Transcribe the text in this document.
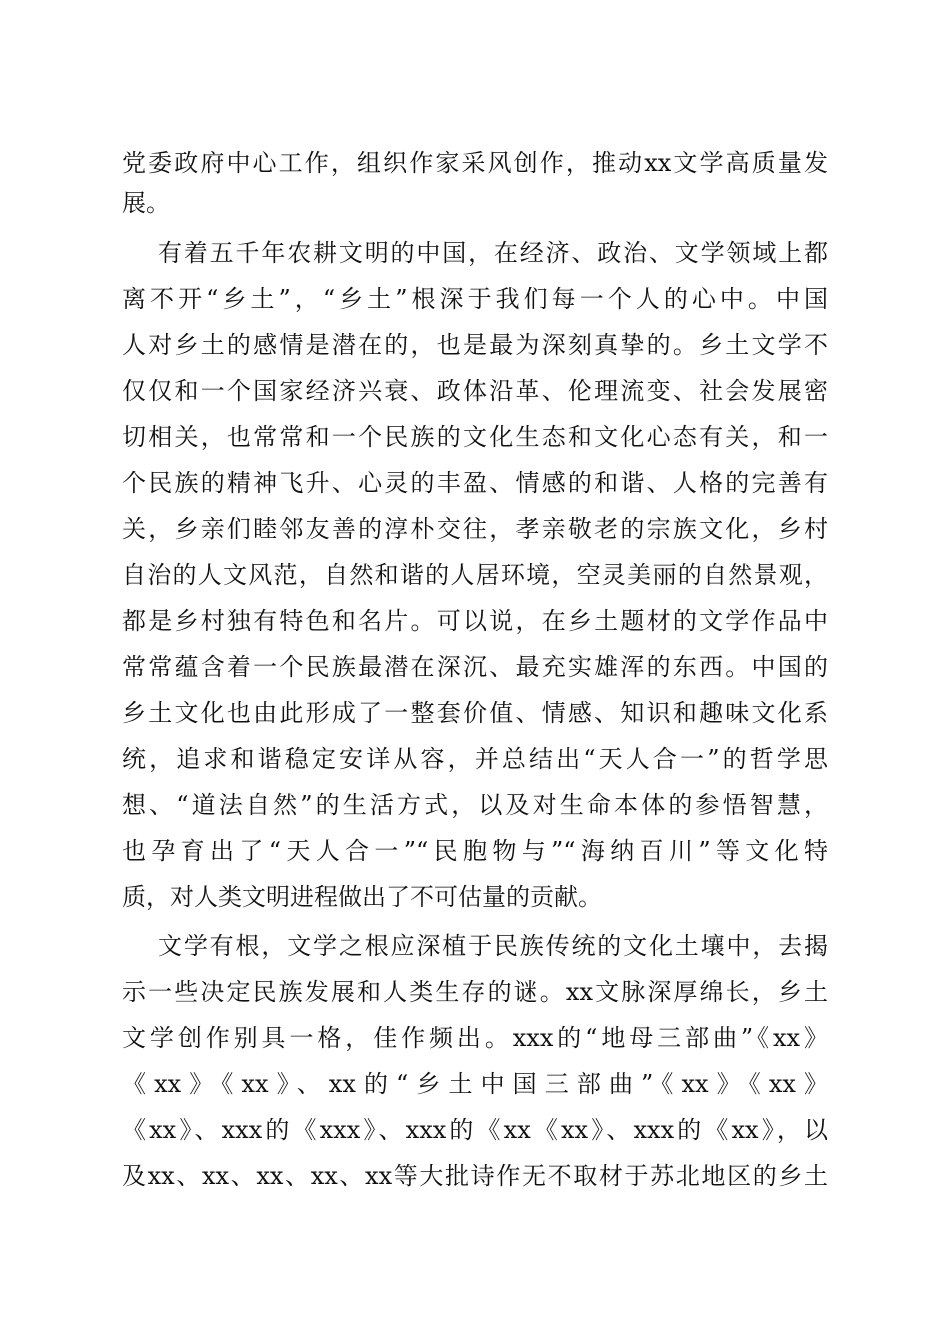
党委政府中心工作，组织作家采风创作，推动xx文学高质量发
展。
有着五千年农耕文明的中国，在经济、政治、文学领域上都
离不开“乡土”，“乡土”根深于我们每一个人的心中。中国
人对乡土的感情是潜在的，也是最为深刻真挚的。乡土文学不
仅仅和一个国家经济兴衰、政体沿革、伦理流变、社会发展密
切相关，也常常和一个民族的文化生态和文化心态有关，和一
个民族的精神飞升、心灵的丰盈、情感的和谐、人格的完善有
关，乡亲们睦邻友善的淳朴交往，孝亲敬老的宗族文化，乡村
自治的人文风范，自然和谐的人居环境，空灵美丽的自然景观，
都是乡村独有特色和名片。可以说，在乡土题材的文学作品中
常常蕴含着一个民族最潜在深沉、最充实雄浑的东西。中国的
乡土文化也由此形成了一整套价值、情感、知识和趣味文化系
统，追求和谐稳定安详从容，并总结出“天人合一”的哲学思
想、“道法自然”的生活方式，以及对生命本体的参悟智慧，
也孕育出了“天人合一”“民胞物与”“海纳百川”等文化特
质，对人类文明进程做出了不可估量的贡献。
文学有根，文学之根应深植于民族传统的文化土壤中，去揭
示一些决定民族发展和人类生存的谜。xx文脉深厚绵长，乡土
文学创作别具一格，佳作频出。xxx的“地母三部曲”《xx》
《xx》《xx》、xx的“乡土中国三部曲”《xx》《xx》
《xx》、xxx的《xxx》、xxx的《xx《xx》、xxx的《xx》，以
及xx、xx、xx、xx、xx等大批诗作无不取材于苏北地区的乡土
